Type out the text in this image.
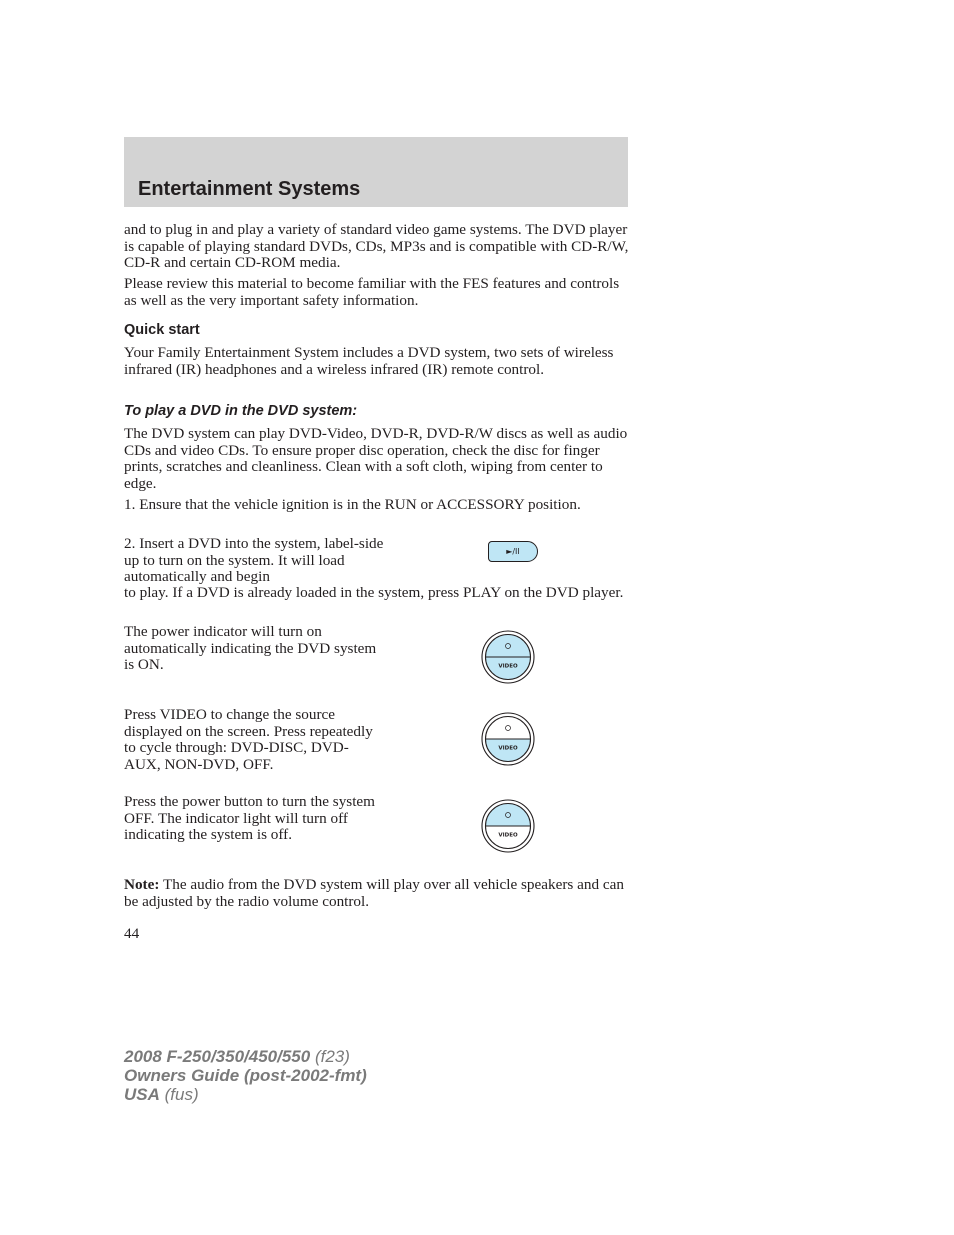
Entertainment Systems

and to plug in and play a variety of standard video game systems. The DVD player is capable of playing standard DVDs, CDs, MP3s and is compatible with CD-R/W, CD-R and certain CD-ROM media.

Please review this material to become familiar with the FES features and controls as well as the very important safety information.

Quick start

Your Family Entertainment System includes a DVD system, two sets of wireless infrared (IR) headphones and a wireless infrared (IR) remote control.

To play a DVD in the DVD system:

The DVD system can play DVD-Video, DVD-R, DVD-R/W discs as well as audio CDs and video CDs. To ensure proper disc operation, check the disc for finger prints, scratches and cleanliness. Clean with a soft cloth, wiping from center to edge.

1. Ensure that the vehicle ignition is in the RUN or ACCESSORY position.

2. Insert a DVD into the system, label-side up to turn on the system. It will load automatically and begin

to play. If a DVD is already loaded in the system, press PLAY on the DVD player.

►/II

The power indicator will turn on automatically indicating the DVD system is ON.	VIDEO

Press VIDEO to change the source displayed on the screen. Press repeatedly to cycle through: DVD-DISC, DVD-AUX, NON-DVD, OFF.

VIDEO

Press the power button to turn the system OFF. The indicator light will turn off indicating the system is off.	VIDEO

Note: The audio from the DVD system will play over all vehicle speakers and can be adjusted by the radio volume control.

44

2008 F-250/350/450/550 (f23)
Owners Guide (post-2002-fmt)
USA (fus)
